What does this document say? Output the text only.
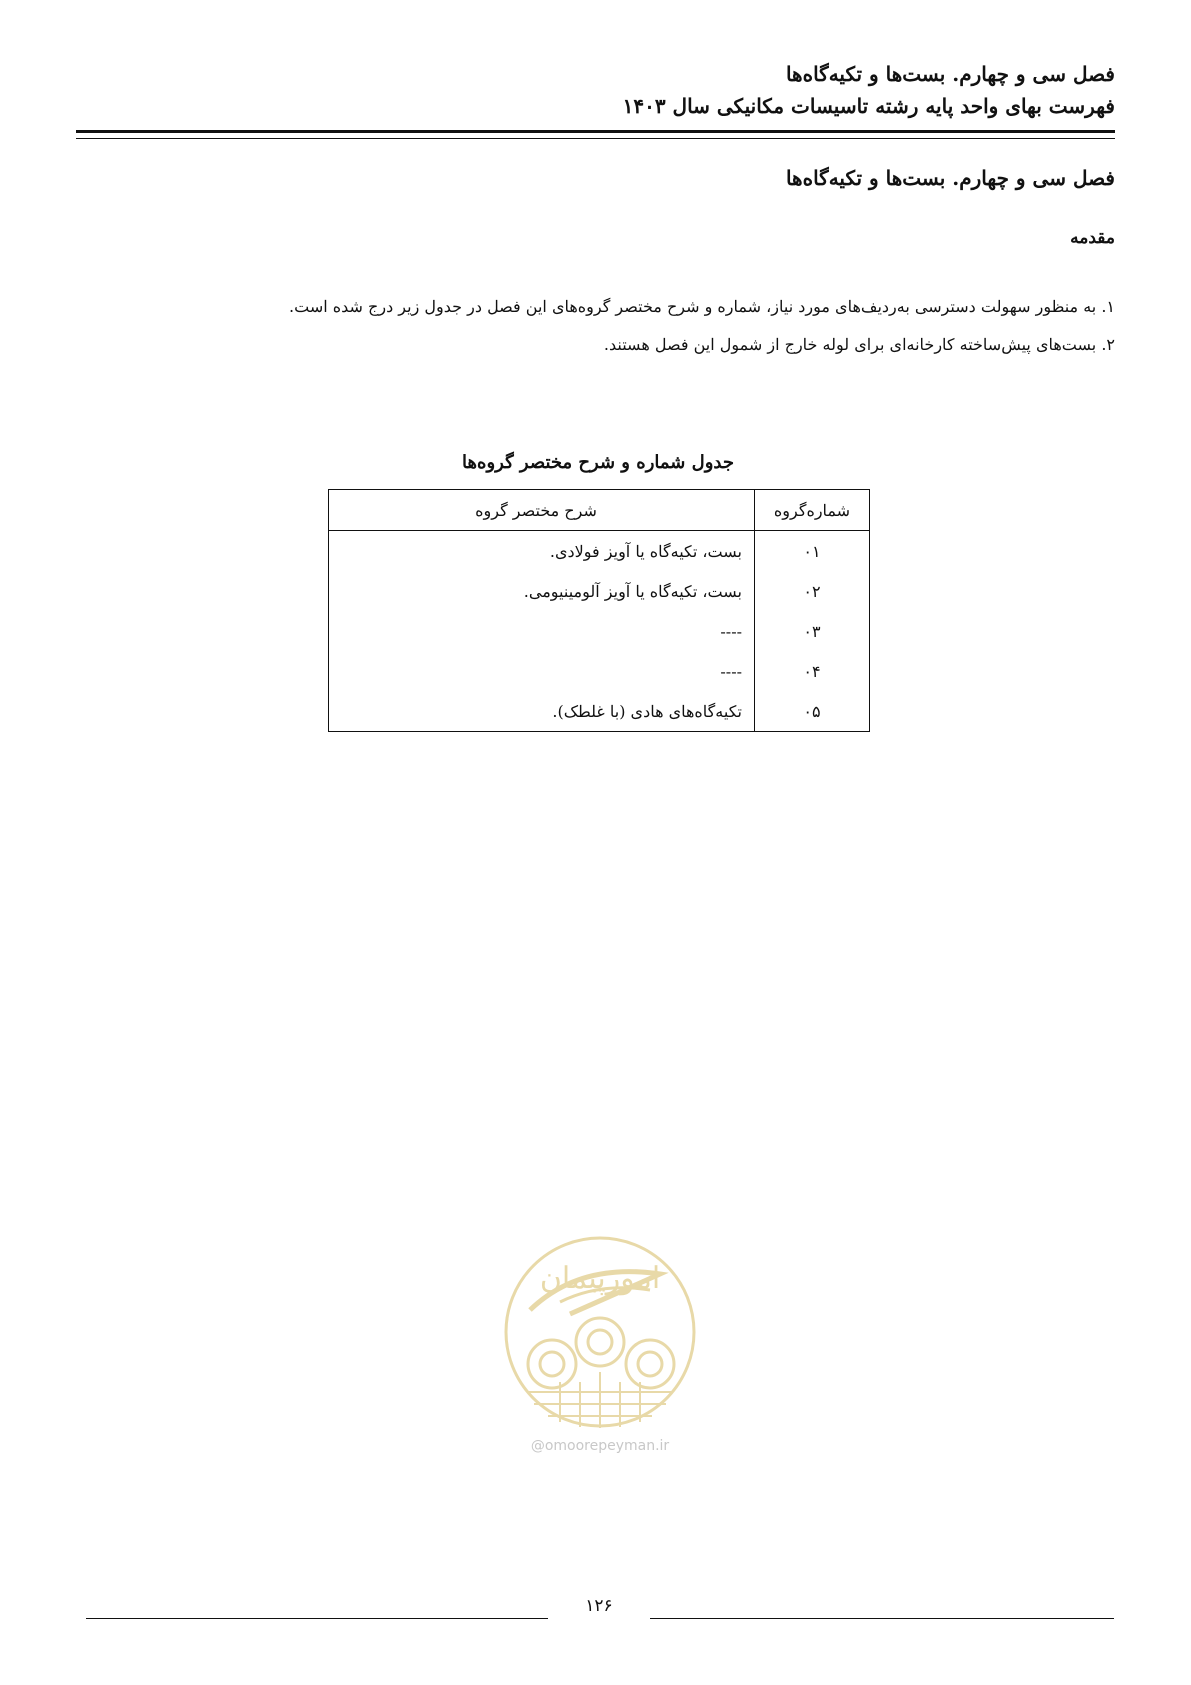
فصل سی و چهارم. بست‌ها و تکیه‌گاه‌ها
فهرست بهای واحد پایه رشته تاسیسات مکانیکی سال ۱۴۰۳
فصل سی و چهارم. بست‌ها و تکیه‌گاه‌ها
مقدمه
۱. به منظور سهولت دسترسی به‌ردیف‌های مورد نیاز، شماره و شرح مختصر گروه‌های این فصل در جدول زیر درج شده است.
۲. بست‌های پیش‌ساخته کارخانه‌ای برای لوله خارج از شمول این فصل هستند.
جدول شماره و شرح مختصر گروه‌ها
شماره‌گروه	شرح مختصر گروه
۰۱	بست، تکیه‌گاه یا آویز فولادی.
۰۲	بست، تکیه‌گاه یا آویز آلومینیومی.
۰۳	----
۰۴	----
۰۵	تکیه‌گاه‌های هادی (با غلطک).
امورپیمان
@omoorepeyman.ir
۱۲۶
